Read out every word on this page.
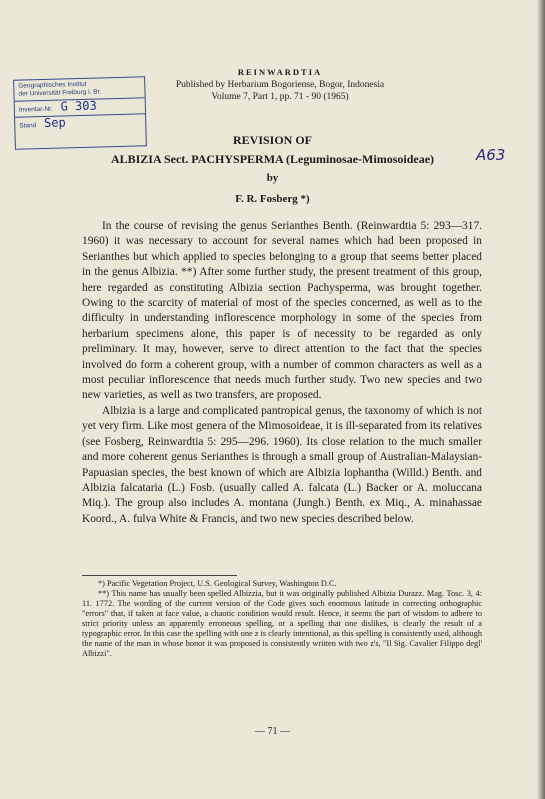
Geographisches Institut
der Universität Freiburg i. Br.
Inventar-Nr. G 303
Stand Sep
REINWARDTIA
Published by Herbarium Bogoriense, Bogor, Indonesia
Volume 7, Part 1, pp. 71 - 90 (1965)
REVISION OF
ALBIZIA Sect. PACHYSPERMA (Leguminosae-Mimosoideae)
by
F. R. Fosberg *)
A63

In the course of revising the genus Serianthes Benth. (Reinwardtia 5: 293—317. 1960) it was necessary to account for several names which had been proposed in Serianthes but which applied to species belonging to a group that seems better placed in the genus Albizia. **) After some further study, the present treatment of this group, here regarded as constituting Albizia section Pachysperma, was brought together. Owing to the scarcity of material of most of the species concerned, as well as to the difficulty in understanding inflorescence morphology in some of the species from herbarium specimens alone, this paper is of necessity to be regarded as only preliminary. It may, however, serve to direct attention to the fact that the species involved do form a coherent group, with a number of common characters as well as a most peculiar inflorescence that needs much further study. Two new species and two new varieties, as well as two transfers, are proposed.

Albizia is a large and complicated pantropical genus, the taxonomy of which is not yet very firm. Like most genera of the Mimosoideae, it is ill-separated from its relatives (see Fosberg, Reinwardtia 5: 295—296. 1960). Its close relation to the much smaller and more coherent genus Serianthes is through a small group of Australian-Malaysian-Papuasian species, the best known of which are Albizia lophantha (Willd.) Benth. and Albizia falcataria (L.) Fosb. (usually called A. falcata (L.) Backer or A. moluccana Miq.). The group also includes A. montana (Jungh.) Benth. ex Miq., A. minahassae Koord., A. fulva White & Francis, and two new species described below.

*) Pacific Vegetation Project, U.S. Geological Survey, Washington D.C.

**) This name has usually been spelled Albizzia, but it was originally published Albizia Durazz. Mag. Tosc. 3, 4: 11. 1772. The wording of the current version of the Code gives such enormous latitude in correcting orthographic "errors" that, if taken at face value, a chaotic condition would result. Hence, it seems the part of wisdom to adhere to strict priority unless an apparently erroneous spelling, or a spelling that one dislikes, is clearly the result of a typographic error. In this case the spelling with one z is clearly intentional, as this spelling is consistently used, although the name of the man in whose honor it was proposed is consistently written with two z's, "Il Sig. Cavalier Filippo degl' Albizzi".

— 71 —
